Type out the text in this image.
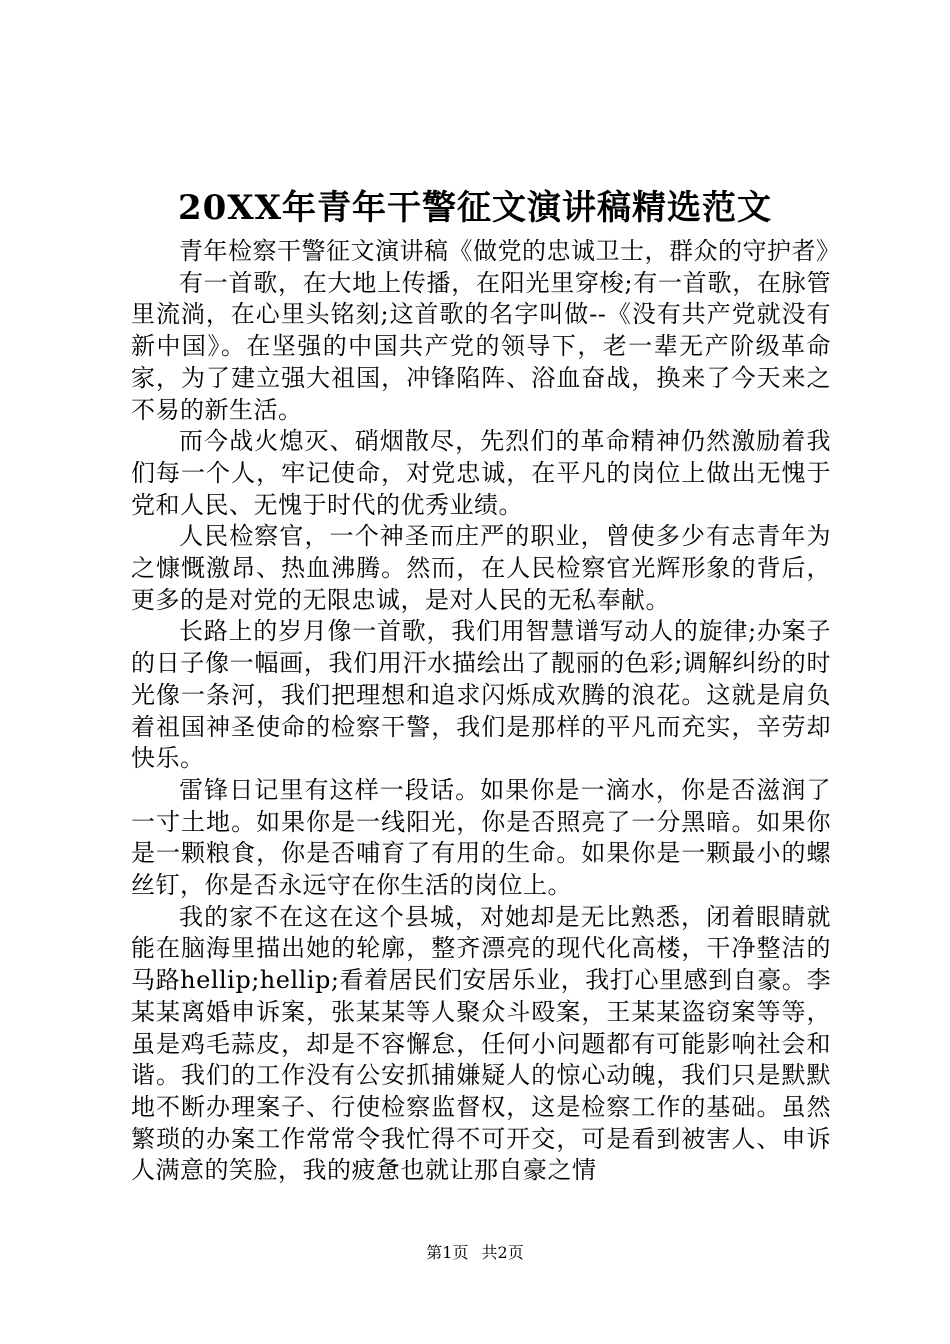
20XX年青年干警征文演讲稿精选范文

青年检察干警征文演讲稿《做党的忠诚卫士，群众的守护者》

有一首歌，在大地上传播，在阳光里穿梭;有一首歌，在脉管里流淌，在心里头铭刻;这首歌的名字叫做--《没有共产党就没有新中国》。在坚强的中国共产党的领导下，老一辈无产阶级革命家，为了建立强大祖国，冲锋陷阵、浴血奋战，换来了今天来之不易的新生活。

而今战火熄灭、硝烟散尽，先烈们的革命精神仍然激励着我们每一个人，牢记使命，对党忠诚，在平凡的岗位上做出无愧于党和人民、无愧于时代的优秀业绩。

人民检察官，一个神圣而庄严的职业，曾使多少有志青年为之慷慨激昂、热血沸腾。然而，在人民检察官光辉形象的背后，更多的是对党的无限忠诚，是对人民的无私奉献。

长路上的岁月像一首歌，我们用智慧谱写动人的旋律;办案子的日子像一幅画，我们用汗水描绘出了靓丽的色彩;调解纠纷的时光像一条河，我们把理想和追求闪烁成欢腾的浪花。这就是肩负着祖国神圣使命的检察干警，我们是那样的平凡而充实，辛劳却快乐。

雷锋日记里有这样一段话。如果你是一滴水，你是否滋润了一寸土地。如果你是一线阳光，你是否照亮了一分黑暗。如果你是一颗粮食，你是否哺育了有用的生命。如果你是一颗最小的螺丝钉，你是否永远守在你生活的岗位上。

我的家不在这在这个县城，对她却是无比熟悉，闭着眼睛就能在脑海里描出她的轮廓，整齐漂亮的现代化高楼，干净整洁的马路hellip;hellip;看着居民们安居乐业，我打心里感到自豪。李某某离婚申诉案，张某某等人聚众斗殴案，王某某盗窃案等等，虽是鸡毛蒜皮，却是不容懈怠，任何小问题都有可能影响社会和谐。我们的工作没有公安抓捕嫌疑人的惊心动魄，我们只是默默地不断办理案子、行使检察监督权，这是检察工作的基础。虽然繁琐的办案工作常常令我忙得不可开交，可是看到被害人、申诉人满意的笑脸，我的疲惫也就让那自豪之情

第1页 共2页
